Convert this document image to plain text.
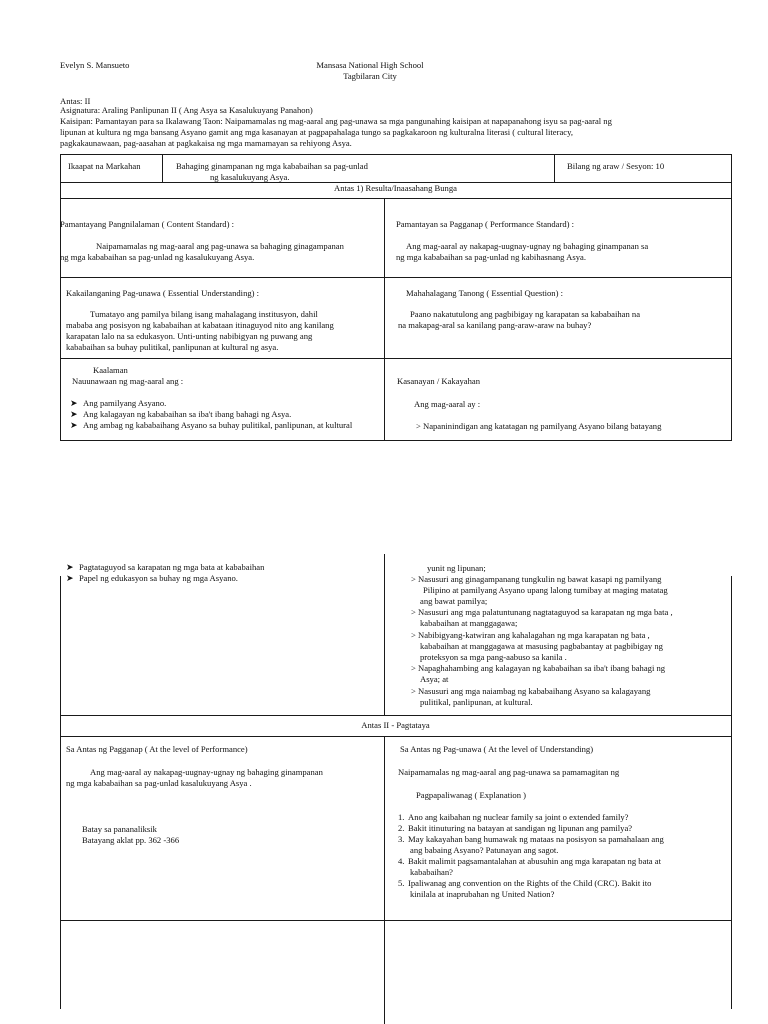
Evelyn S. Mansueto	Mansasa National High School
Tagbilaran City
Antas: II
Asignatura: Araling Panlipunan II ( Ang Asya sa Kasalukuyang Panahon)
Kaisipan: Pamantayan para sa Ikalawang Taon: Naipamamalas ng mag-aaral ang pag-unawa sa mga pangunahing kaisipan at napapanahong isyu sa pag-aaral ng
lipunan at kultura ng mga bansang Asyano gamit ang mga kasanayan at pagpapahalaga tungo sa pagkakaroon ng kulturalna literasi ( cultural literacy,
pagkakaunawaan, pag-aasahan at pagkakaisa ng mga mamamayan sa rehiyong Asya.
Ikaapat na Markahan	Bahaging ginampanan ng mga kababaihan sa pag-unlad
ng kasalukuyang Asya.
Bilang ng araw / Sesyon: 10
Antas 1) Resulta/Inaasahang Bunga
Pamantayang Pangnilalaman ( Content Standard) :
Naipamamalas ng mag-aaral ang pag-unawa sa bahaging ginagampanan
ng mga kababaihan sa pag-unlad ng kasalukuyang Asya.
Pamantayan sa Pagganap ( Performance Standard) :
Ang mag-aaral ay nakapag-uugnay-ugnay ng bahaging ginampanan sa
ng mga kababaihan sa pag-unlad ng kabihasnang Asya.
Kakailanganing Pag-unawa ( Essential Understanding) :
Tumatayo ang pamilya bilang isang mahalagang institusyon, dahil
mababa ang posisyon ng kababaihan at kabataan itinaguyod nito ang kanilang
karapatan lalo na sa edukasyon. Unti-unting nabibigyan ng puwang ang
kababaihan sa buhay pulitikal, panlipunan at kultural ng asya.
Mahahalagang Tanong ( Essential Question) :
Paano nakatutulong ang pagbibigay ng karapatan sa kababaihan na
na makapag-aral sa kanilang pang-araw-araw na buhay?
Kaalaman
Nauunawaan ng mag-aaral ang :
➤ Ang pamilyang Asyano.
➤ Ang kalagayan ng kababaihan sa iba't ibang bahagi ng Asya.
➤ Ang ambag ng kababaihang Asyano sa buhay pulitikal, panlipunan, at kultural
Kasanayan / Kakayahan
Ang mag-aaral ay :
> Napaninindigan ang katatagan ng pamilyang Asyano bilang batayang
➤ Pagtataguyod sa karapatan ng mga bata at kababaihan
➤ Papel ng edukasyon sa buhay ng mga Asyano.
yunit ng lipunan;
> Nasusuri ang ginagampanang tungkulin ng bawat kasapi ng pamilyang
Pilipino at pamilyang Asyano upang lalong tumibay at maging matatag
ang bawat pamilya;
> Nasusuri ang mga palatuntunang nagtataguyod sa karapatan ng mga bata ,
kababaihan at manggagawa;
> Nabibigyang-katwiran ang kahalagahan ng mga karapatan ng bata ,
kababaihan at manggagawa at masusing pagbabantay at pagbibigay ng
proteksyon sa mga pang-aabuso sa kanila .
> Napaghahambing ang kalagayan ng kababaihan sa iba't ibang bahagi ng
Asya; at
> Nasusuri ang mga naiambag ng kababaihang Asyano sa kalagayang
pulitikal, panlipunan, at kultural.
Antas II - Pagtataya
Sa Antas ng Pagganap ( At the level of Performance)
Ang mag-aaral ay nakapag-uugnay-ugnay ng bahaging ginampanan
ng mga kababaihan sa pag-unlad kasalukuyang Asya .
Batay sa pananaliksik
Batayang aklat pp. 362 -366
Sa Antas ng Pag-unawa ( At the level of Understanding)
Naipamamalas ng mag-aaral ang pag-unawa sa pamamagitan ng
Pagpapaliwanag ( Explanation )
1. Ano ang kaibahan ng nuclear family sa joint o extended family?
2. Bakit itinuturing na batayan at sandigan ng lipunan ang pamilya?
3. May kakayahan bang humawak ng mataas na posisyon sa pamahalaan ang
ang babaing Asyano? Patunayan ang sagot.
4. Bakit malimit pagsamantalahan at abusuhin ang mga karapatan ng bata at
kababaihan?
5. Ipaliwanag ang convention on the Rights of the Child (CRC). Bakit ito
kinilala at inaprubahan ng United Nation?
